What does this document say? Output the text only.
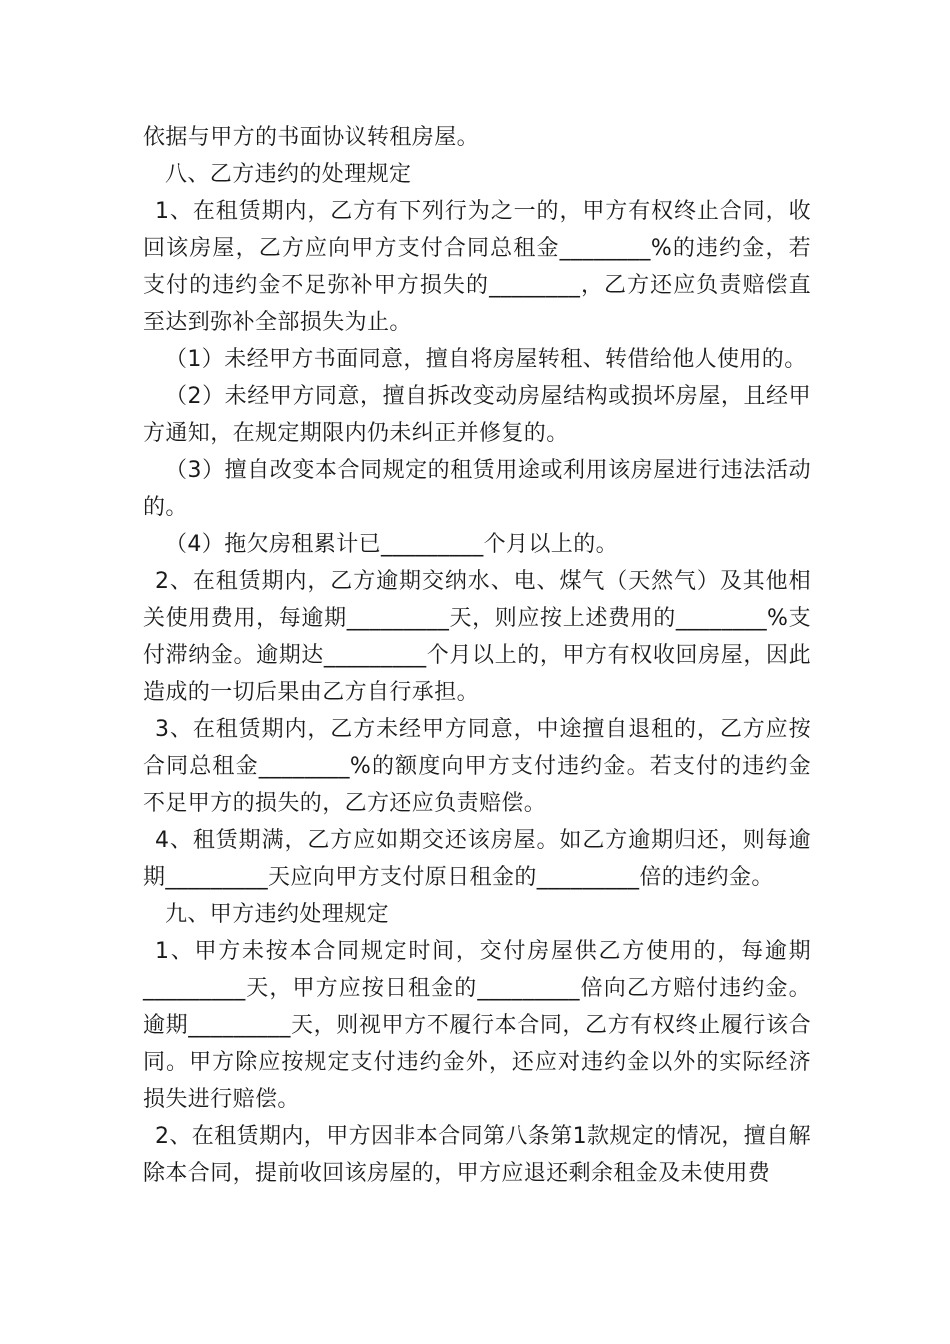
依据与甲方的书面协议转租房屋。

八、乙方违约的处理规定

1、在租赁期内，乙方有下列行为之一的，甲方有权终止合同，收回该房屋，乙方应向甲方支付合同总租金________%的违约金，若支付的违约金不足弥补甲方损失的________，乙方还应负责赔偿直至达到弥补全部损失为止。

（1）未经甲方书面同意，擅自将房屋转租、转借给他人使用的。

（2）未经甲方同意，擅自拆改变动房屋结构或损坏房屋，且经甲方通知，在规定期限内仍未纠正并修复的。

（3）擅自改变本合同规定的租赁用途或利用该房屋进行违法活动的。

（4）拖欠房租累计已_________个月以上的。

2、在租赁期内，乙方逾期交纳水、电、煤气（天然气）及其他相关使用费用，每逾期_________天，则应按上述费用的________%支付滞纳金。逾期达_________个月以上的，甲方有权收回房屋，因此造成的一切后果由乙方自行承担。

3、在租赁期内，乙方未经甲方同意，中途擅自退租的，乙方应按合同总租金________%的额度向甲方支付违约金。若支付的违约金不足甲方的损失的，乙方还应负责赔偿。

4、租赁期满，乙方应如期交还该房屋。如乙方逾期归还，则每逾期_________天应向甲方支付原日租金的_________倍的违约金。

九、甲方违约处理规定

1、甲方未按本合同规定时间，交付房屋供乙方使用的，每逾期_________天，甲方应按日租金的_________倍向乙方赔付违约金。逾期_________天，则视甲方不履行本合同，乙方有权终止履行该合同。甲方除应按规定支付违约金外，还应对违约金以外的实际经济损失进行赔偿。

2、在租赁期内，甲方因非本合同第八条第1款规定的情况，擅自解除本合同，提前收回该房屋的，甲方应退还剩余租金及未使用费
